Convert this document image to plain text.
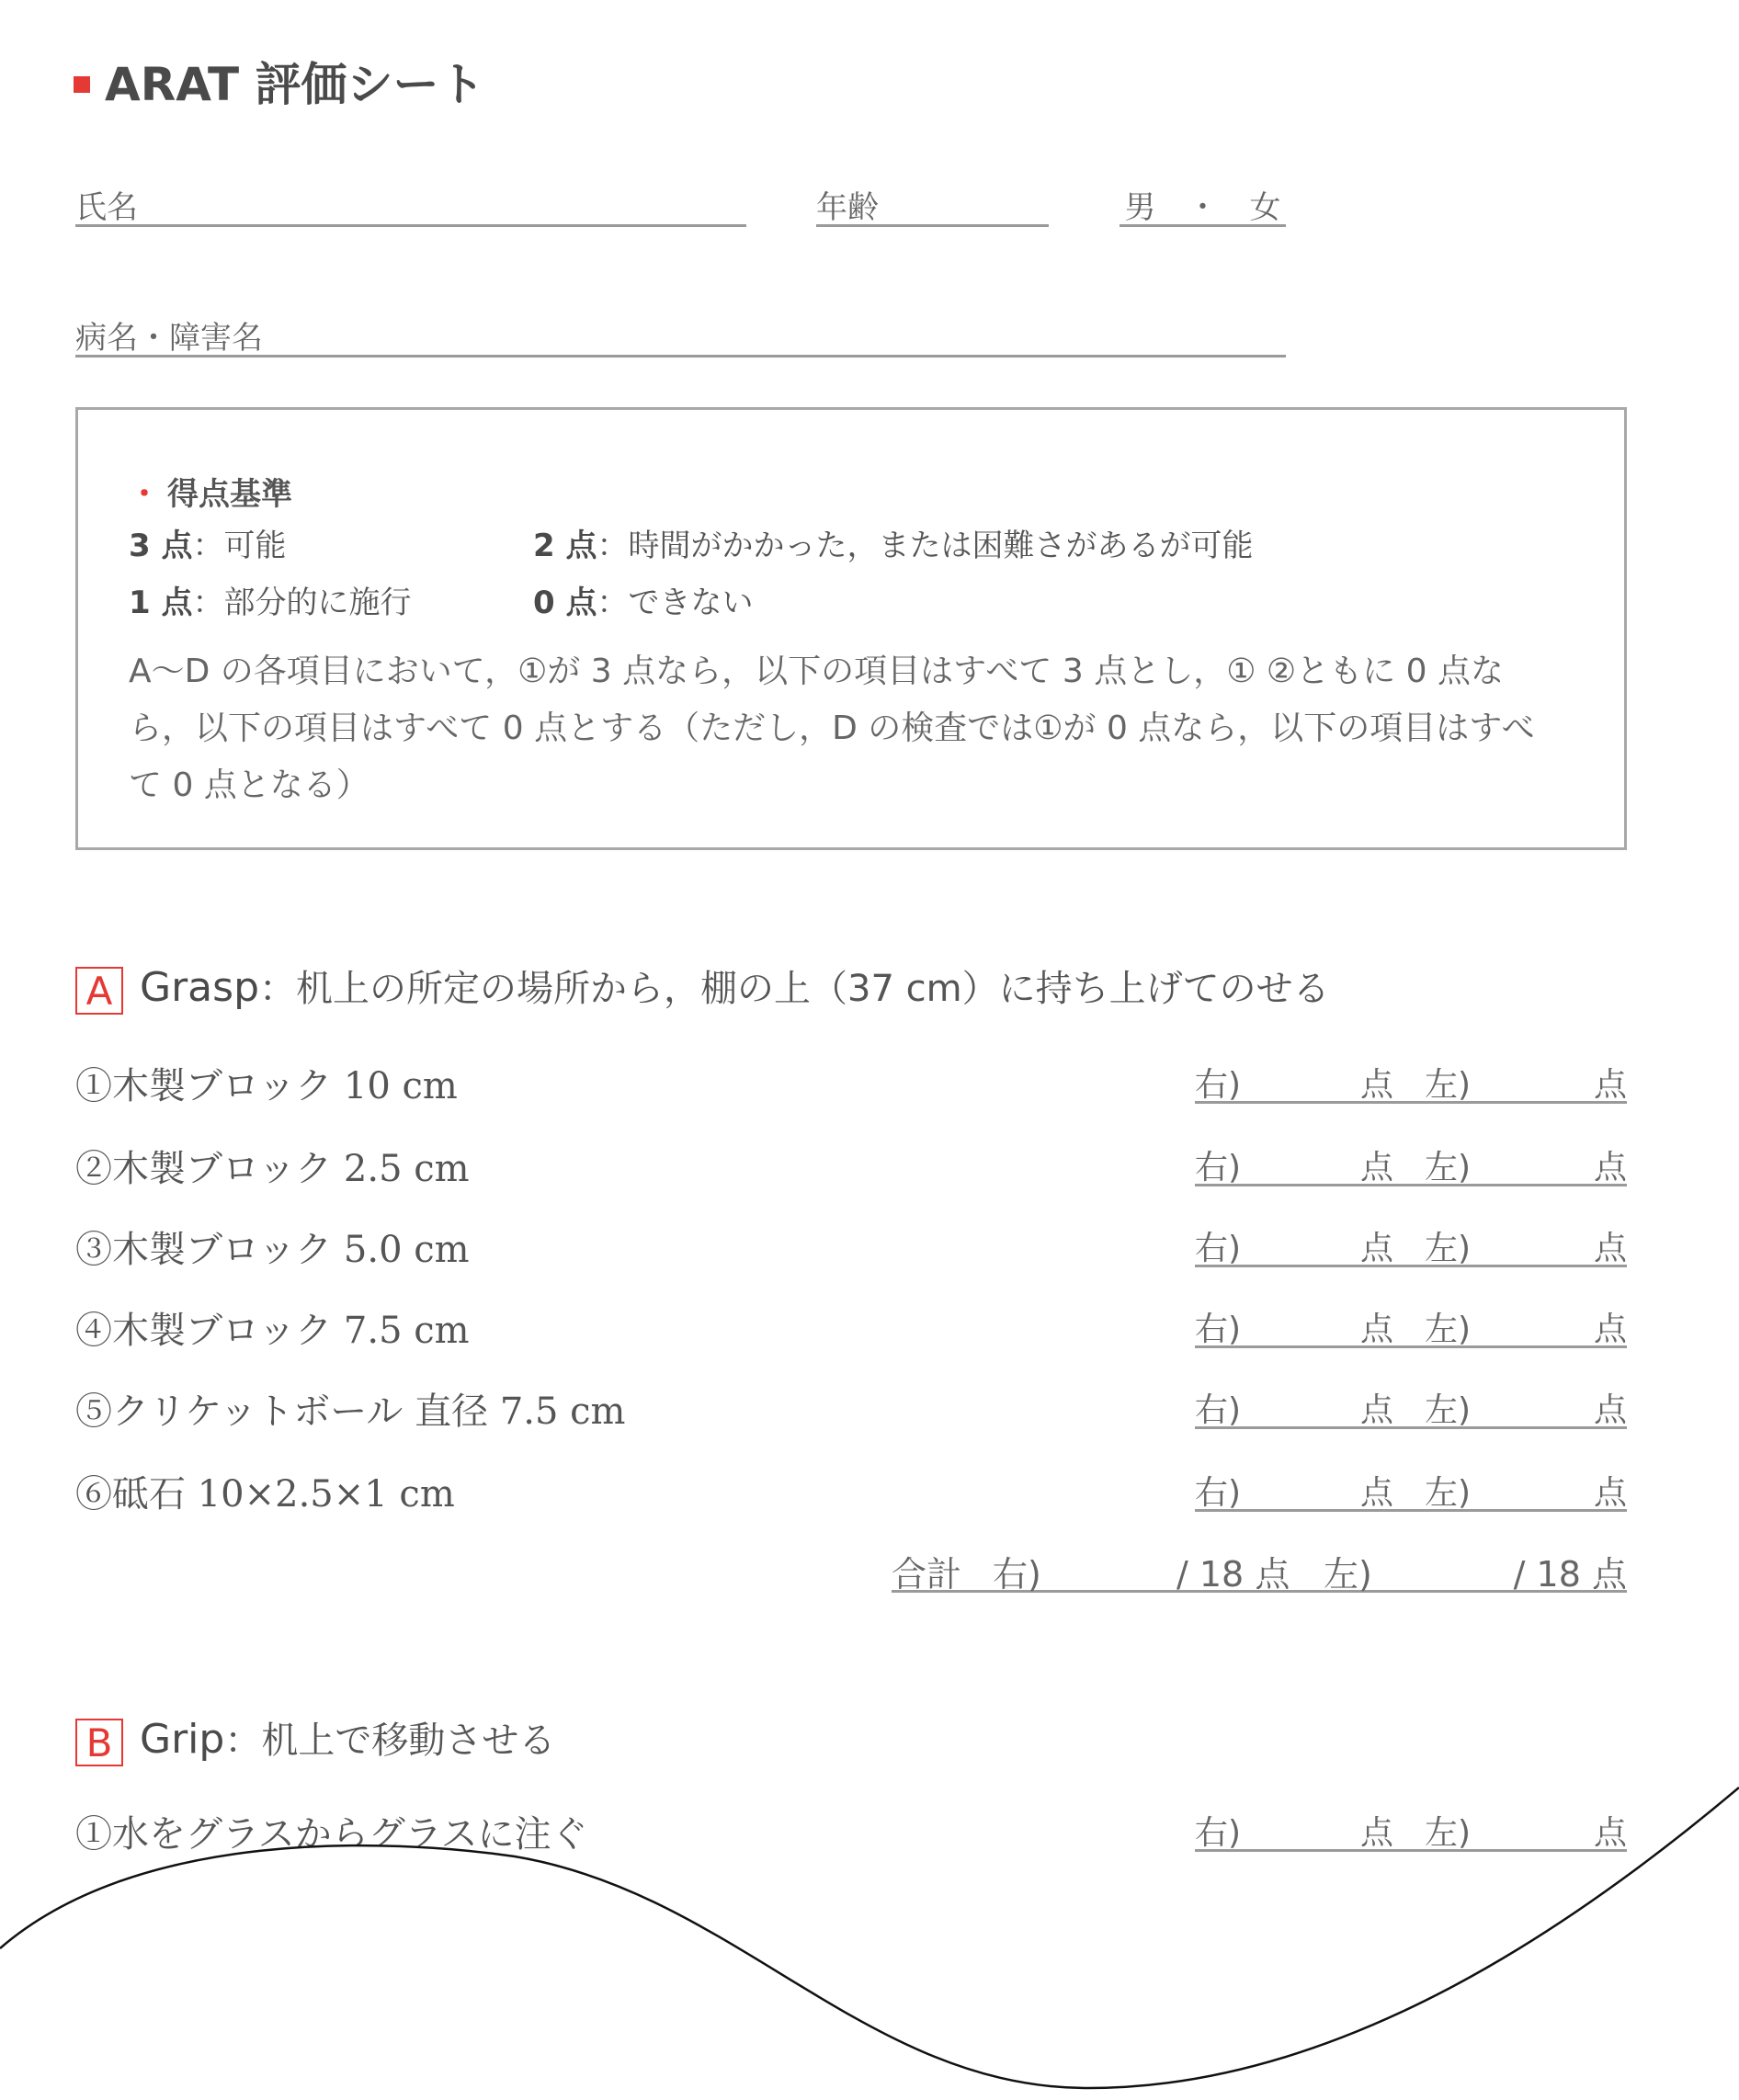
ARAT 評価シート
氏名	年齢	男　・　女
病名・障害名
・ 得点基準
3 点：可能	2 点：時間がかかった，または困難さがあるが可能
1 点：部分的に施行	0 点：できない
A〜D の各項目において，①が 3 点なら，以下の項目はすべて 3 点とし，① ②ともに 0 点な
ら，以下の項目はすべて 0 点とする（ただし，D の検査では①が 0 点なら，以下の項目はすべ
て 0 点となる）
A Grasp：机上の所定の場所から，棚の上（37 cm）に持ち上げてのせる
①木製ブロック 10 cm	右)	点 左)	点
②木製ブロック 2.5 cm	右)	点 左)	点
③木製ブロック 5.0 cm	右)	点 左)	点
④木製ブロック 7.5 cm	右)	点 左)	点
⑤クリケットボール 直径 7.5 cm	右)	点 左)	点
⑥砥石 10×2.5×1 cm	右)	点 左)	点
合計 右)	/ 18 点 左)	/ 18 点
B Grip：机上で移動させる
①水をグラスからグラスに注ぐ	右)	点 左)	点
